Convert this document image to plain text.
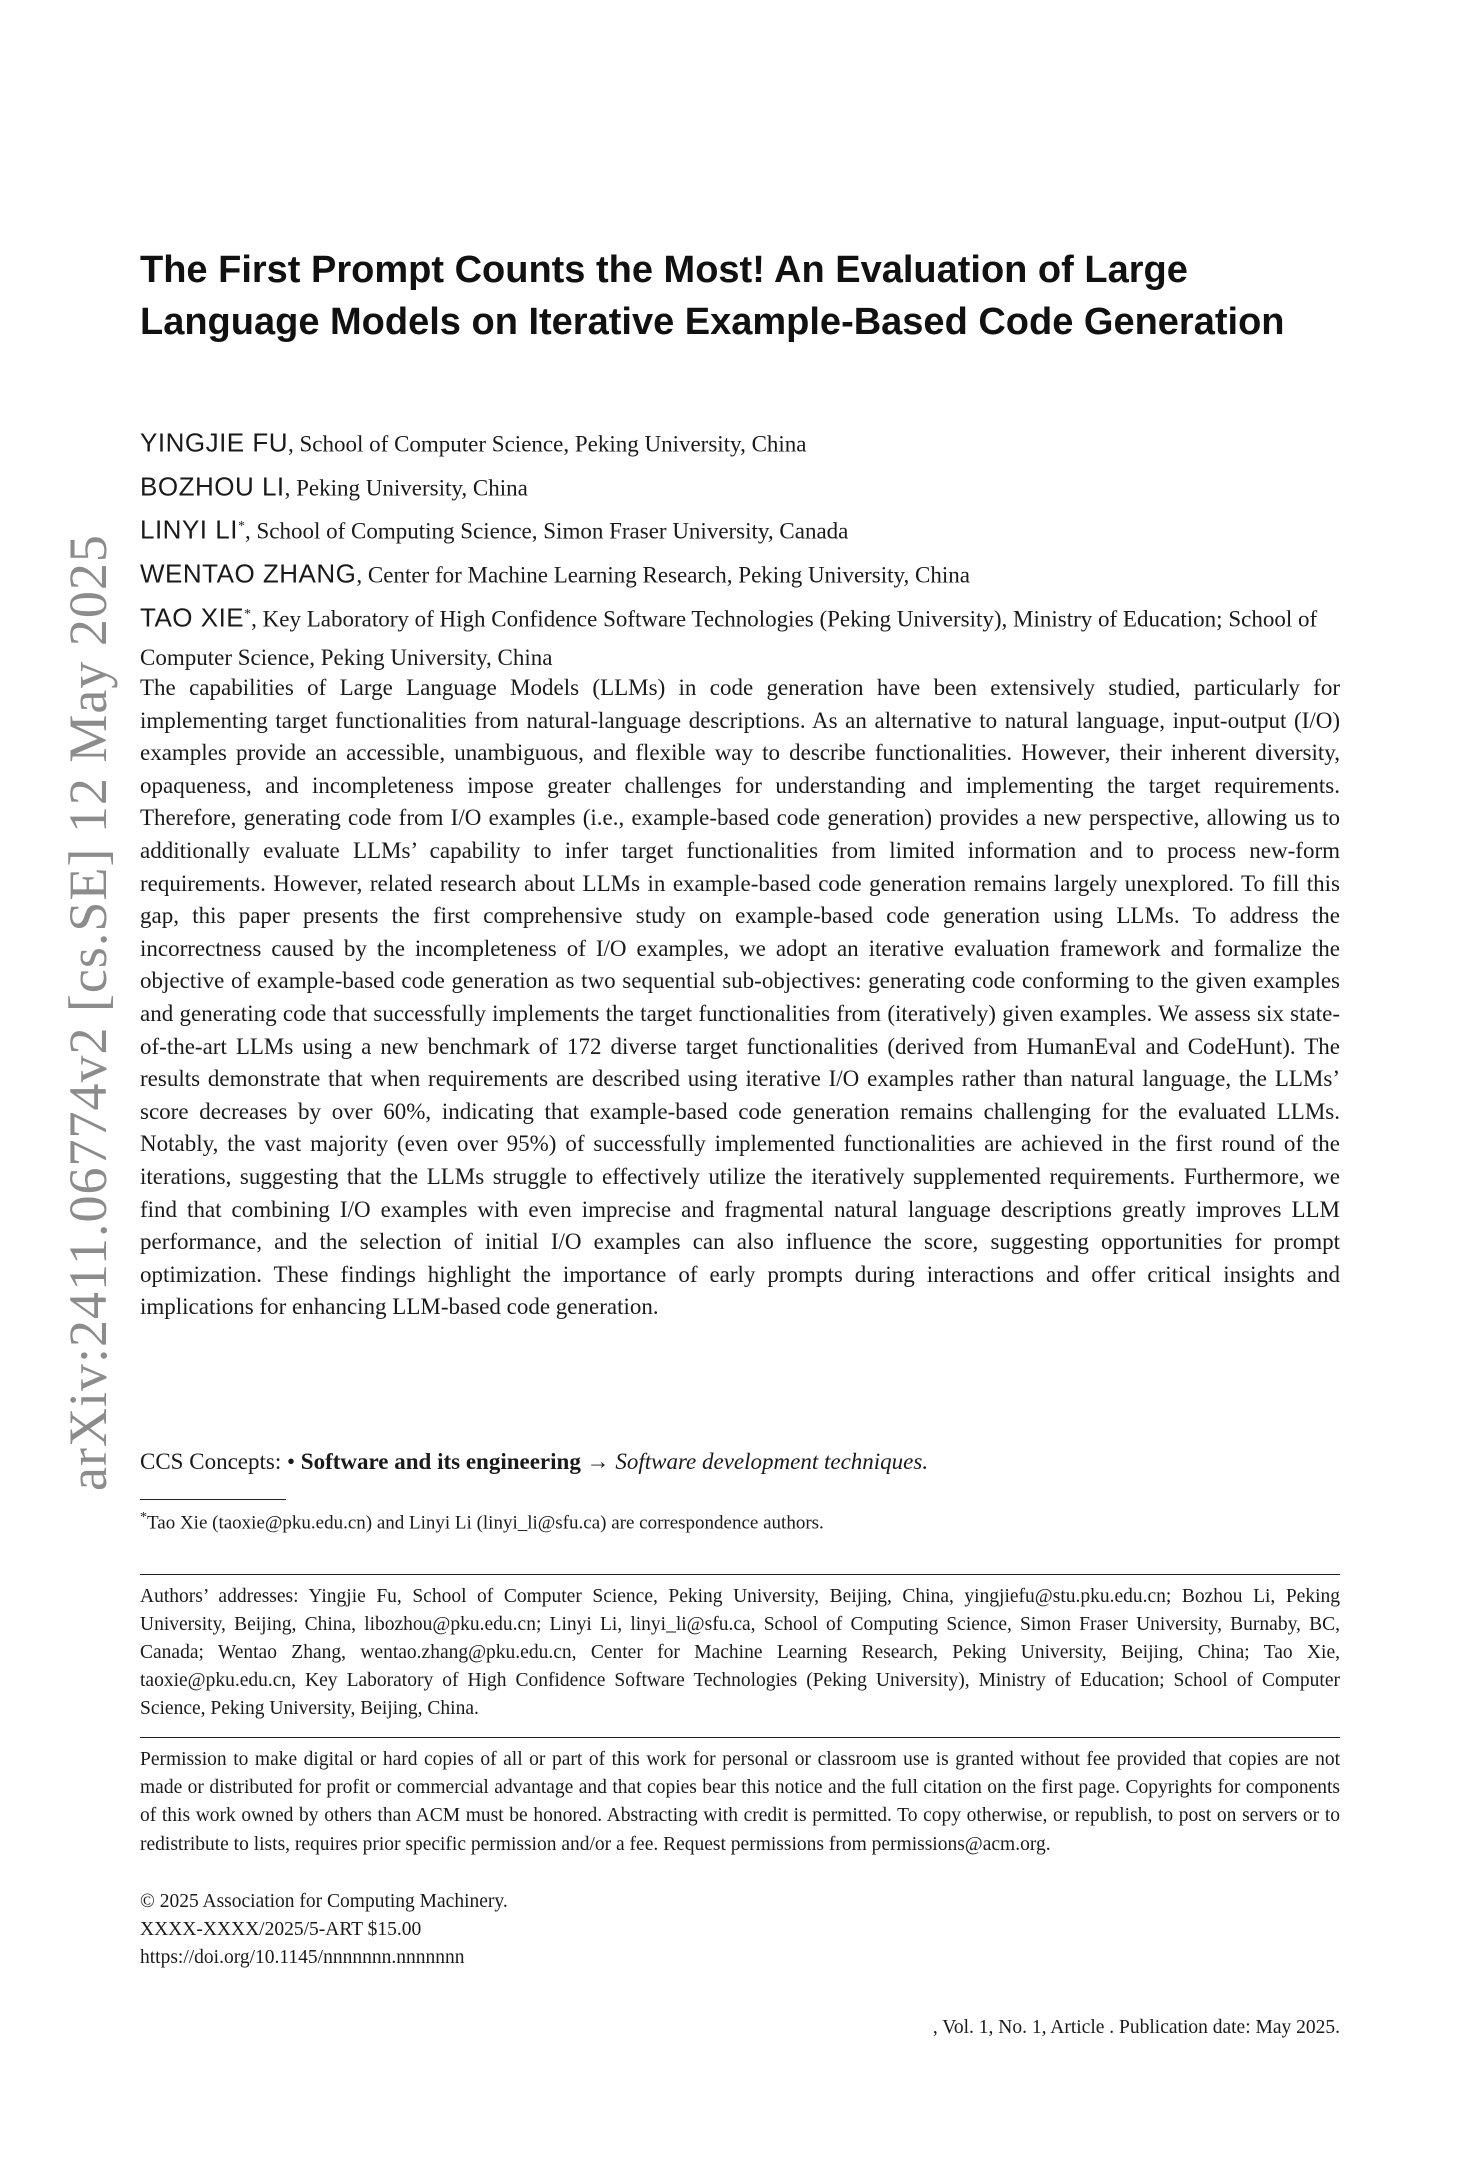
arXiv:2411.06774v2 [cs.SE] 12 May 2025
The First Prompt Counts the Most! An Evaluation of Large Language Models on Iterative Example-Based Code Generation
YINGJIE FU, School of Computer Science, Peking University, China
BOZHOU LI, Peking University, China
LINYI LI*, School of Computing Science, Simon Fraser University, Canada
WENTAO ZHANG, Center for Machine Learning Research, Peking University, China
TAO XIE*, Key Laboratory of High Confidence Software Technologies (Peking University), Ministry of Education; School of Computer Science, Peking University, China

The capabilities of Large Language Models (LLMs) in code generation have been extensively studied, particularly for implementing target functionalities from natural-language descriptions. As an alternative to natural language, input-output (I/O) examples provide an accessible, unambiguous, and flexible way to describe functionalities. However, their inherent diversity, opaqueness, and incompleteness impose greater challenges for understanding and implementing the target requirements. Therefore, generating code from I/O examples (i.e., example-based code generation) provides a new perspective, allowing us to additionally evaluate LLMs’ capability to infer target functionalities from limited information and to process new-form requirements. However, related research about LLMs in example-based code generation remains largely unexplored. To fill this gap, this paper presents the first comprehensive study on example-based code generation using LLMs. To address the incorrectness caused by the incompleteness of I/O examples, we adopt an iterative evaluation framework and formalize the objective of example-based code generation as two sequential sub-objectives: generating code conforming to the given examples and generating code that successfully implements the target functionalities from (iteratively) given examples. We assess six state-of-the-art LLMs using a new benchmark of 172 diverse target functionalities (derived from HumanEval and CodeHunt). The results demonstrate that when requirements are described using iterative I/O examples rather than natural language, the LLMs’ score decreases by over 60%, indicating that example-based code generation remains challenging for the evaluated LLMs. Notably, the vast majority (even over 95%) of successfully implemented functionalities are achieved in the first round of the iterations, suggesting that the LLMs struggle to effectively utilize the iteratively supplemented requirements. Furthermore, we find that combining I/O examples with even imprecise and fragmental natural language descriptions greatly improves LLM performance, and the selection of initial I/O examples can also influence the score, suggesting opportunities for prompt optimization. These findings highlight the importance of early prompts during interactions and offer critical insights and implications for enhancing LLM-based code generation.

CCS Concepts: • Software and its engineering → Software development techniques.
*Tao Xie (taoxie@pku.edu.cn) and Linyi Li (linyi_li@sfu.ca) are correspondence authors.

Authors’ addresses: Yingjie Fu, School of Computer Science, Peking University, Beijing, China, yingjiefu@stu.pku.edu.cn; Bozhou Li, Peking University, Beijing, China, libozhou@pku.edu.cn; Linyi Li, linyi_li@sfu.ca, School of Computing Science, Simon Fraser University, Burnaby, BC, Canada; Wentao Zhang, wentao.zhang@pku.edu.cn, Center for Machine Learning Research, Peking University, Beijing, China; Tao Xie, taoxie@pku.edu.cn, Key Laboratory of High Confidence Software Technologies (Peking University), Ministry of Education; School of Computer Science, Peking University, Beijing, China.

Permission to make digital or hard copies of all or part of this work for personal or classroom use is granted without fee provided that copies are not made or distributed for profit or commercial advantage and that copies bear this notice and the full citation on the first page. Copyrights for components of this work owned by others than ACM must be honored. Abstracting with credit is permitted. To copy otherwise, or republish, to post on servers or to redistribute to lists, requires prior specific permission and/or a fee. Request permissions from permissions@acm.org.

© 2025 Association for Computing Machinery.
XXXX-XXXX/2025/5-ART $15.00
https://doi.org/10.1145/nnnnnnn.nnnnnnn
, Vol. 1, No. 1, Article . Publication date: May 2025.
